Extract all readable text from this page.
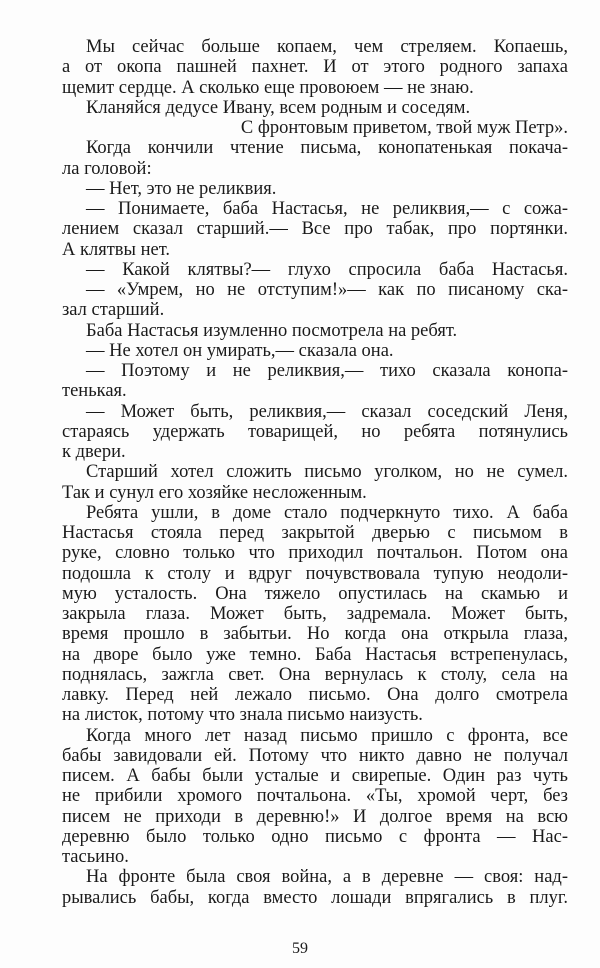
Мы сейчас больше копаем, чем стреляем. Копаешь,
а от окопа пашней пахнет. И от этого родного запаха
щемит сердце. А сколько еще провоюем — не знаю.
Кланяйся дедусе Ивану, всем родным и соседям.
С фронтовым приветом, твой муж Петр».
Когда кончили чтение письма, конопатенькая покача-
ла головой:
— Нет, это не реликвия.
— Понимаете, баба Настасья, не реликвия,— с сожа-
лением сказал старший.— Все про табак, про портянки.
А клятвы нет.
— Какой клятвы?— глухо спросила баба Настасья.
— «Умрем, но не отступим!»— как по писаному ска-
зал старший.
Баба Настасья изумленно посмотрела на ребят.
— Не хотел он умирать,— сказала она.
— Поэтому и не реликвия,— тихо сказала конопа-
тенькая.
— Может быть, реликвия,— сказал соседский Леня,
стараясь удержать товарищей, но ребята потянулись
к двери.
Старший хотел сложить письмо уголком, но не сумел.
Так и сунул его хозяйке несложенным.
Ребята ушли, в доме стало подчеркнуто тихо. А баба
Настасья стояла перед закрытой дверью с письмом в
руке, словно только что приходил почтальон. Потом она
подошла к столу и вдруг почувствовала тупую неодоли-
мую усталость. Она тяжело опустилась на скамью и
закрыла глаза. Может быть, задремала. Может быть,
время прошло в забытьи. Но когда она открыла глаза,
на дворе было уже темно. Баба Настасья встрепенулась,
поднялась, зажгла свет. Она вернулась к столу, села на
лавку. Перед ней лежало письмо. Она долго смотрела
на листок, потому что знала письмо наизусть.
Когда много лет назад письмо пришло с фронта, все
бабы завидовали ей. Потому что никто давно не получал
писем. А бабы были усталые и свирепые. Один раз чуть
не прибили хромого почтальона. «Ты, хромой черт, без
писем не приходи в деревню!» И долгое время на всю
деревню было только одно письмо с фронта — Нас-
тасьино.
На фронте была своя война, а в деревне — своя: над-
рывались бабы, когда вместо лошади впрягались в плуг.
59
